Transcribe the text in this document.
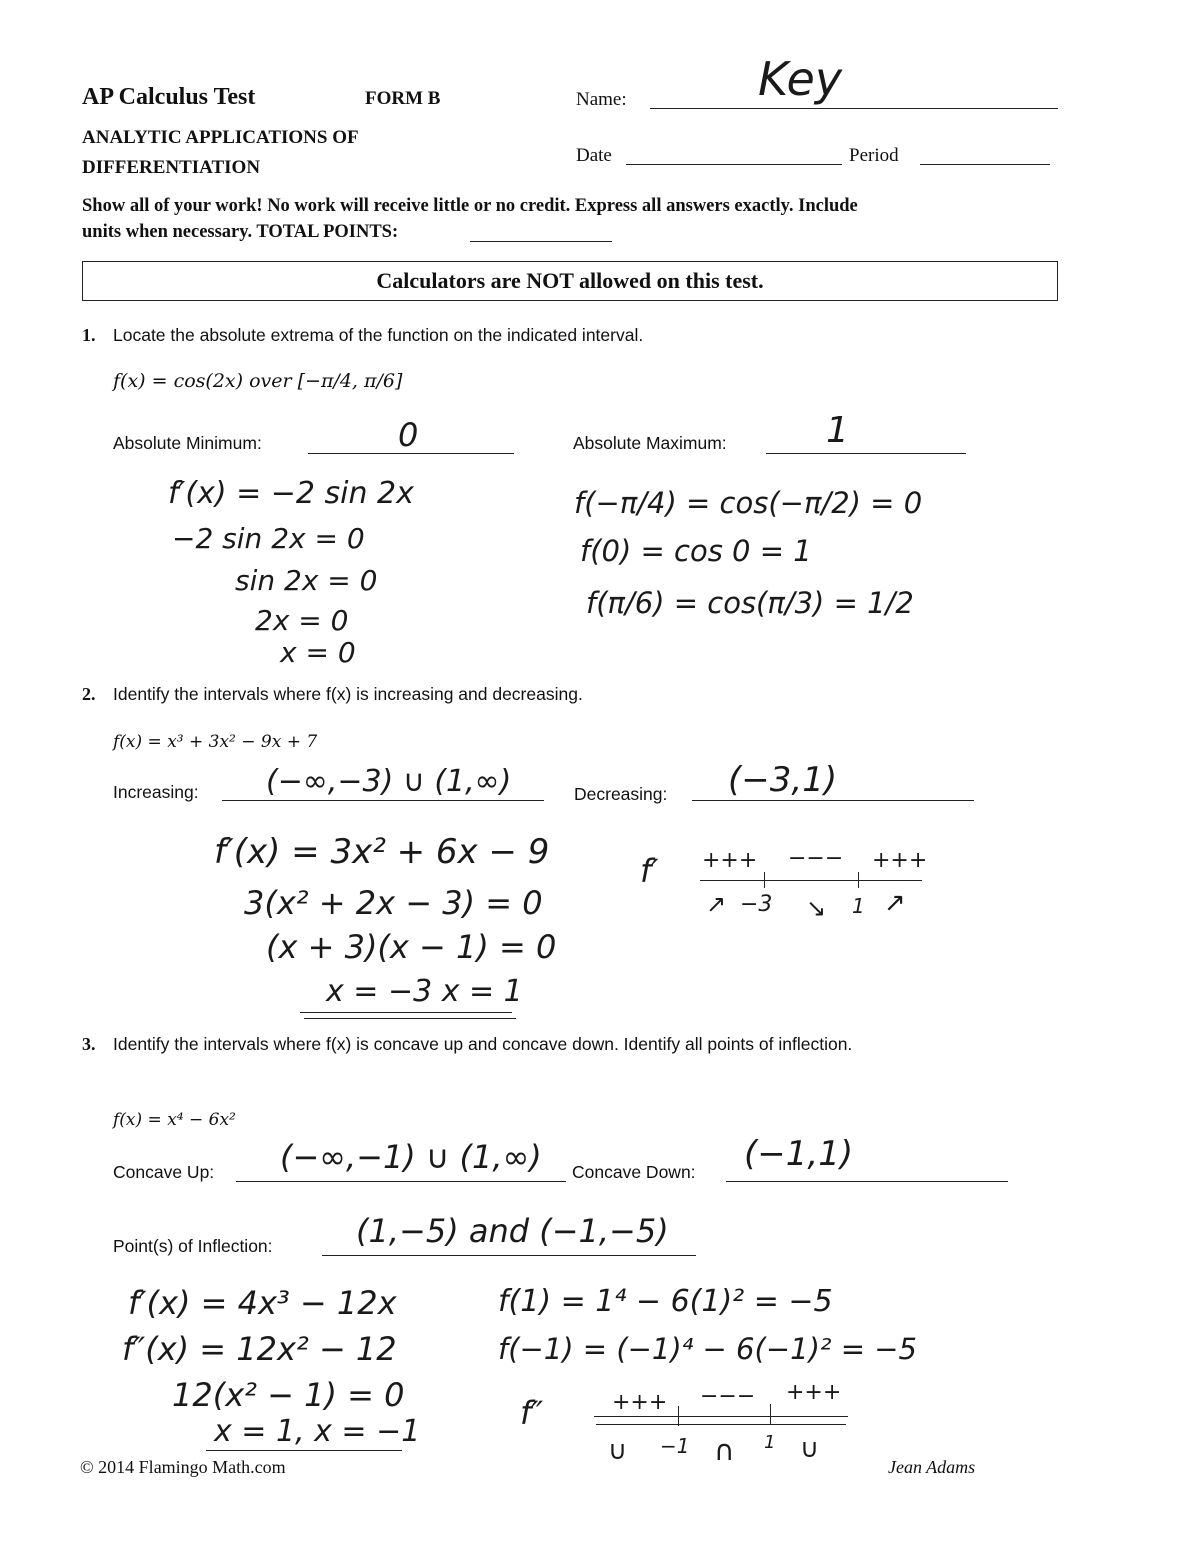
AP Calculus Test	FORM B
ANALYTIC APPLICATIONS OF
DIFFERENTIATION
Name:	Key
Date	Period
Show all of your work! No work will receive little or no credit. Express all answers exactly. Include
units when necessary. TOTAL POINTS:
Calculators are NOT allowed on this test.
1. Locate the absolute extrema of the function on the indicated interval.
f(x) = cos(2x) over [−π/4, π/6]
Absolute Minimum:	0	Absolute Maximum:	1
f′(x) = −2 sin 2x
−2 sin 2x = 0
sin 2x = 0
2x = 0
x = 0
f(−π/4) = cos(−π/2) = 0
f(0) = cos 0 = 1
f(π/6) = cos(π/3) = 1/2
2. Identify the intervals where f(x) is increasing and decreasing.
f(x) = x³ + 3x² − 9x + 7
Increasing: (−∞,−3) ∪ (1,∞)	Decreasing: (−3,1)
f′(x) = 3x² + 6x − 9
3(x² + 2x − 3) = 0
(x + 3)(x − 1) = 0
x = −3 x = 1
f′ +++ −−− +++
↗ −3 ↘ 1 ↗
3. Identify the intervals where f(x) is concave up and concave down. Identify all points of inflection.
f(x) = x⁴ − 6x²
Concave Up: (−∞,−1) ∪ (1,∞) Concave Down: (−1,1)
Point(s) of Inflection:	(1,−5) and (−1,−5)
f′(x) = 4x³ − 12x
f″(x) = 12x² − 12
12(x² − 1) = 0
x = 1, x = −1
f(1) = 1⁴ − 6(1)² = −5
f(−1) = (−1)⁴ − 6(−1)² = −5
f″	+++ −−− +++
∪ −1 ∩ 1 ∪
© 2014 Flamingo Math.com	Jean Adams
